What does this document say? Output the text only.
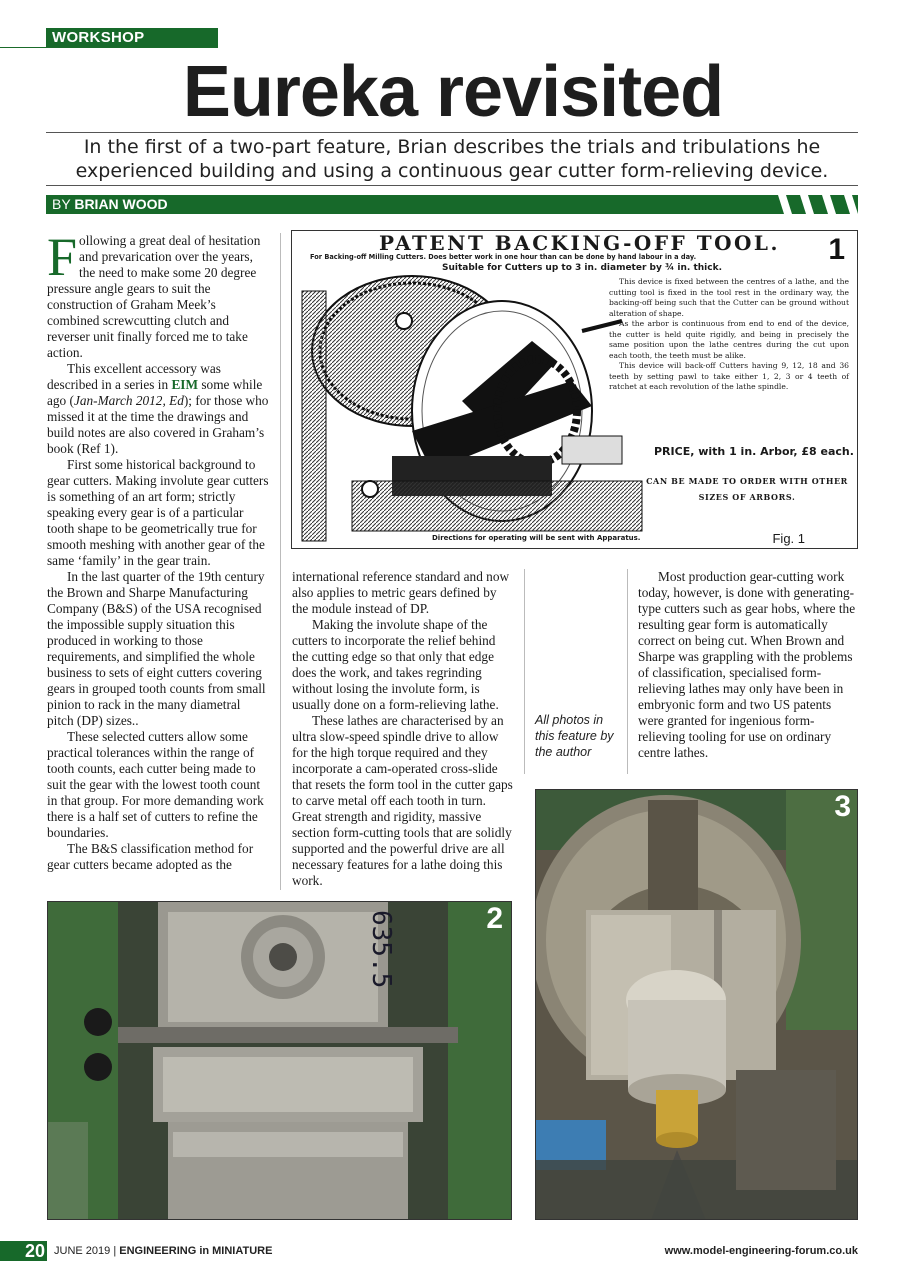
WORKSHOP
Eureka revisited

In the first of a two-part feature, Brian describes the trials and tribulations he experienced building and using a continuous gear cutter form-relieving device.

BY BRIAN WOOD

Following a great deal of hesitation and prevarication over the years, the need to make some 20 degree pressure angle gears to suit the construction of Graham Meek’s combined screwcutting clutch and reverser unit finally forced me to take action.

This excellent accessory was described in a series in EIM some while ago (Jan-March 2012, Ed); for those who missed it at the time the drawings and build notes are also covered in Graham’s book (Ref 1).

First some historical background to gear cutters. Making involute gear cutters is something of an art form; strictly speaking every gear is of a particular tooth shape to be geometrically true for smooth meshing with another gear of the same ‘family’ in the gear train.

In the last quarter of the 19th century the Brown and Sharpe Manufacturing Company (B&S) of the USA recognised the impossible supply situation this produced in working to those requirements, and simplified the whole business to sets of eight cutters covering gears in grouped tooth counts from small pinion to rack in the many diametral pitch (DP) sizes..

These selected cutters allow some practical tolerances within the range of tooth counts, each cutter being made to suit the gear with the lowest tooth count in that group. For more demanding work there is a half set of cutters to refine the boundaries.

The B&S classification method for gear cutters became adopted as the

PATENT BACKING-OFF TOOL.
For Backing-off Milling Cutters. Does better work in one hour than can be done by hand labour in a day.
Suitable for Cutters up to 3 in. diameter by ¾ in. thick.

This device is fixed between the centres of a lathe, and the cutting tool is fixed in the tool rest in the ordinary way, the backing-off being such that the Cutter can be ground without alteration of shape.

As the arbor is continuous from end to end of the device, the cutter is held quite rigidly, and being in precisely the same position upon the lathe centres during the cut upon each tooth, the teeth must be alike.

This device will back-off Cutters having 9, 12, 18 and 36 teeth by setting pawl to take either 1, 2, 3 or 4 teeth of ratchet at each revolution of the lathe spindle.

PRICE, with 1 in. Arbor, £8 each.
CAN BE MADE TO ORDER WITH OTHER SIZES OF ARBORS.
Directions for operating will be sent with Apparatus.	Fig. 1
1

international reference standard and now also applies to metric gears defined by the module instead of DP.

Making the involute shape of the cutters to incorporate the relief behind the cutting edge so that only that edge does the work, and takes regrinding without losing the involute form, is usually done on a form-relieving lathe.

These lathes are characterised by an ultra slow-speed spindle drive to allow for the high torque required and they incorporate a cam-operated cross-slide that resets the form tool in the cutter gaps to carve metal off each tooth in turn. Great strength and rigidity, massive section form-cutting tools that are solidly supported and the powerful drive are all necessary features for a lathe doing this work.

All photos in this feature by the author

Most production gear-cutting work today, however, is done with generating-type cutters such as gear hobs, where the resulting gear form is automatically correct on being cut. When Brown and Sharpe was grappling with the problems of classification, specialised form-relieving lathes may only have been in embryonic form and two US patents were granted for ingenious form-relieving tooling for use on ordinary centre lathes.

3
635.5	2
20 JUNE 2019 | ENGINEERING in MINIATURE	www.model-engineering-forum.co.uk
